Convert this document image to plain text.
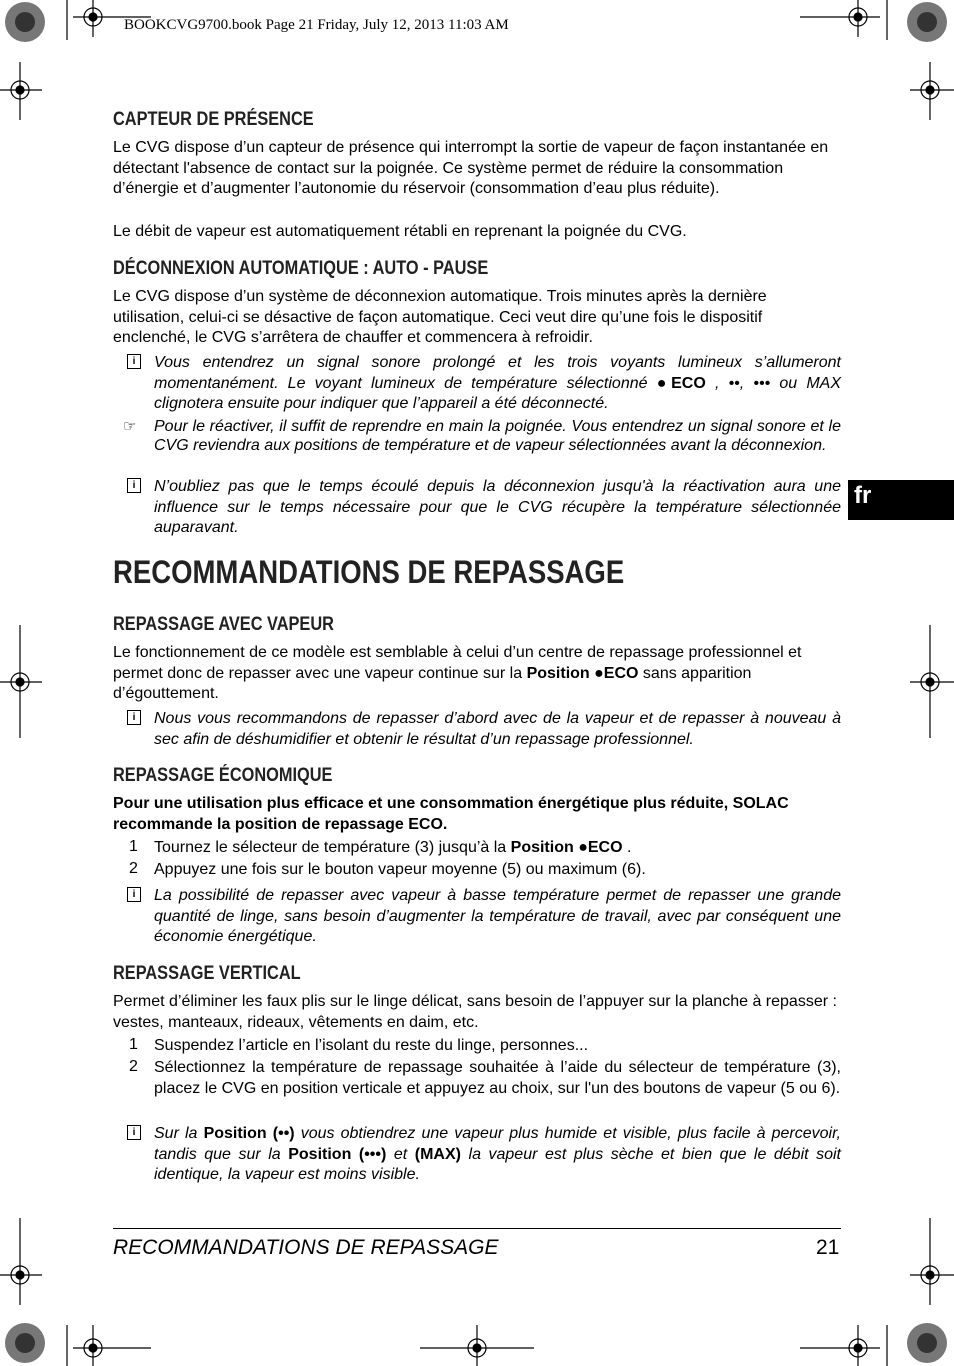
BOOKCVG9700.book Page 21 Friday, July 12, 2013 11:03 AM
fr
CAPTEUR DE PRÉSENCE
Le CVG dispose d’un capteur de présence qui interrompt la sortie de vapeur de façon instantanée en détectant l'absence de contact sur la poignée. Ce système permet de réduire la consommation d’énergie et d’augmenter l’autonomie du réservoir (consommation d’eau plus réduite).
Le débit de vapeur est automatiquement rétabli en reprenant la poignée du CVG.
DÉCONNEXION AUTOMATIQUE : AUTO - PAUSE
Le CVG dispose d’un système de déconnexion automatique. Trois minutes après la dernière utilisation, celui-ci se désactive de façon automatique. Ceci veut dire qu’une fois le dispositif enclenché, le CVG s’arrêtera de chauffer et commencera à refroidir.
i	Vous entendrez un signal sonore prolongé et les trois voyants lumineux s’allumeront momentanément. Le voyant lumineux de température sélectionné ●ECO , ••, ••• ou MAX clignotera ensuite pour indiquer que l’appareil a été déconnecté.
☞ Pour le réactiver, il suffit de reprendre en main la poignée. Vous entendrez un signal sonore et le CVG reviendra aux positions de température et de vapeur sélectionnées avant la déconnexion.
i	N’oubliez pas que le temps écoulé depuis la déconnexion jusqu'à la réactivation aura une influence sur le temps nécessaire pour que le CVG récupère la température sélectionnée auparavant.
RECOMMANDATIONS DE REPASSAGE
REPASSAGE AVEC VAPEUR
Le fonctionnement de ce modèle est semblable à celui d’un centre de repassage professionnel et permet donc de repasser avec une vapeur continue sur la Position ●ECO sans apparition d’égouttement.
i	Nous vous recommandons de repasser d’abord avec de la vapeur et de repasser à nouveau à sec afin de déshumidifier et obtenir le résultat d’un repassage professionnel.
REPASSAGE ÉCONOMIQUE
Pour une utilisation plus efficace et une consommation énergétique plus réduite, SOLAC recommande la position de repassage ECO.
1 Tournez le sélecteur de température (3) jusqu’à la Position ●ECO .
2 Appuyez une fois sur le bouton vapeur moyenne (5) ou maximum (6).
i	La possibilité de repasser avec vapeur à basse température permet de repasser une grande quantité de linge, sans besoin d’augmenter la température de travail, avec par conséquent une économie énergétique.
REPASSAGE VERTICAL
Permet d’éliminer les faux plis sur le linge délicat, sans besoin de l’appuyer sur la planche à repasser : vestes, manteaux, rideaux, vêtements en daim, etc.
1 Suspendez l’article en l’isolant du reste du linge, personnes...
2 Sélectionnez la température de repassage souhaitée à l’aide du sélecteur de température (3), placez le CVG en position verticale et appuyez au choix, sur l'un des boutons de vapeur (5 ou 6).
i	Sur la Position (••) vous obtiendrez une vapeur plus humide et visible, plus facile à percevoir, tandis que sur la Position (•••) et (MAX) la vapeur est plus sèche et bien que le débit soit identique, la vapeur est moins visible.
RECOMMANDATIONS DE REPASSAGE	21
